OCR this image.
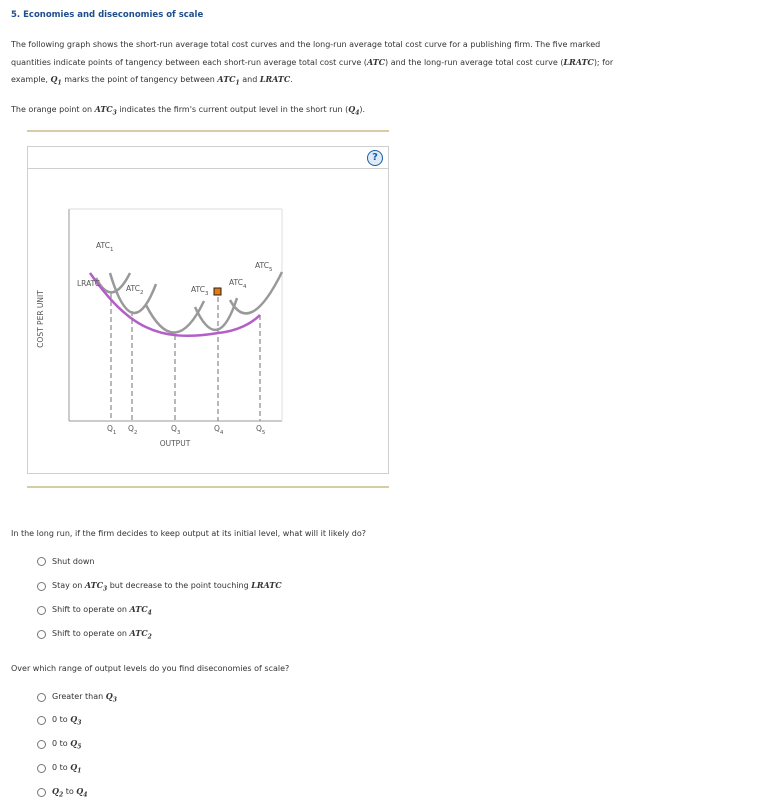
5. Economies and diseconomies of scale

The following graph shows the short-run average total cost curves and the long-run average total cost curve for a publishing firm. The five marked quantities indicate points of tangency between each short-run average total cost curve (ATC) and the long-run average total cost curve (LRATC); for example, $Q_1$ marks the point of tangency between $ATC_1$ and LRATC.

The orange point on $ATC_3$ indicates the firm's current output level in the short run $(Q_4)$.

?
$ATC_1$
$ATC_2$	$ATC_3$
$ATC_4$
$ATC_5$
LRATC
$Q_1$ $Q_2$	$Q_3$	$Q_4$	$Q_5$
OUTPUT
COST PER UNIT
In the long run, if the firm decides to keep output at its initial level, what will it likely do?
Shut down
Stay on $ATC_3$ but decrease to the point touching LRATC
Shift to operate on $ATC_4$
Shift to operate on $ATC_2$
Over which range of output levels do you find diseconomies of scale?
Greater than $Q_3$
0 to $Q_3$
0 to $Q_5$
0 to $Q_1$
$Q_2$ to $Q_4$
